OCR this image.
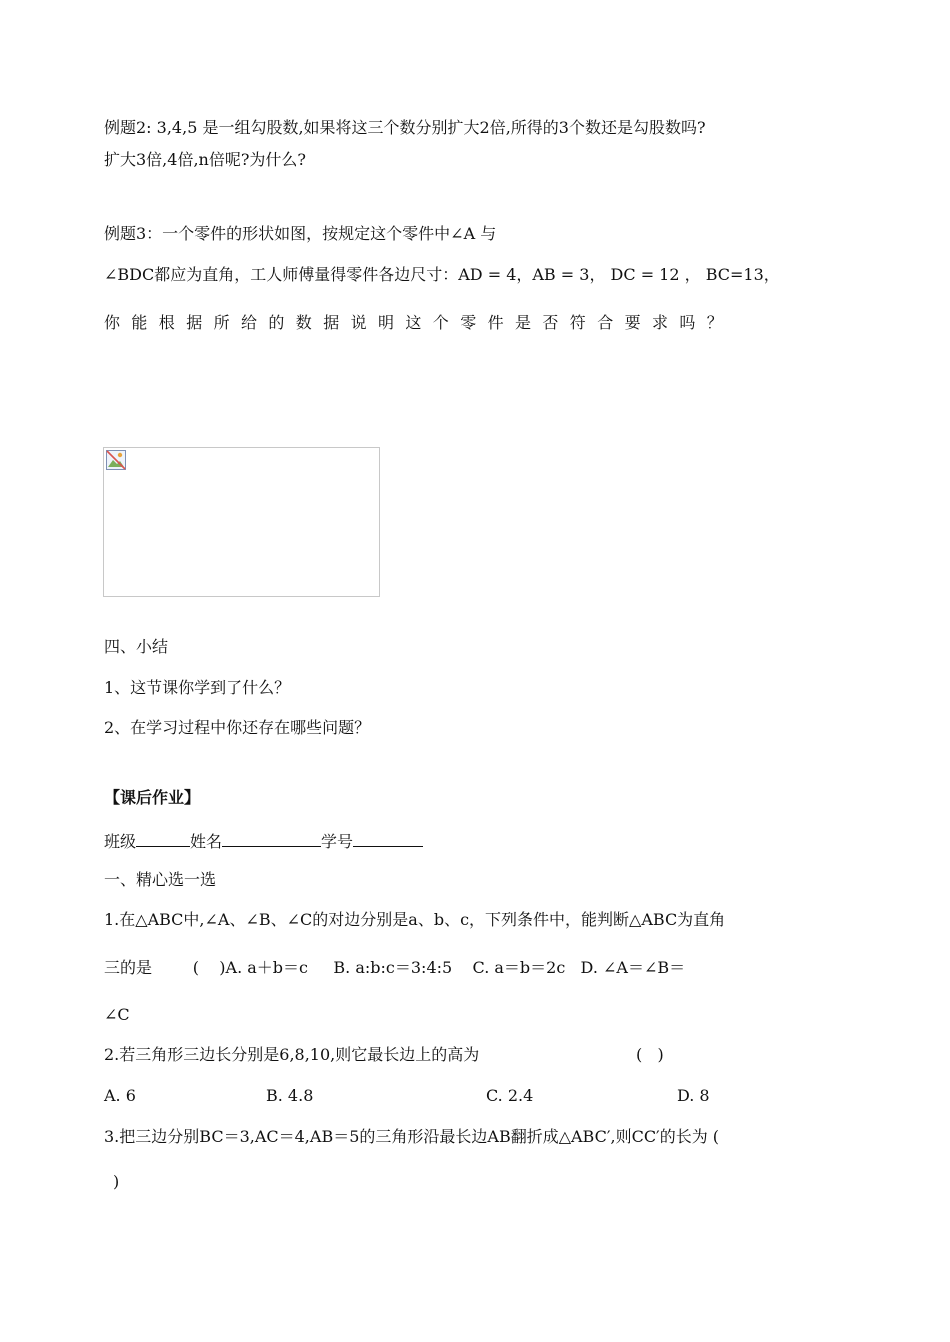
例题2: 3,4,5 是一组勾股数,如果将这三个数分别扩大2倍,所得的3个数还是勾股数吗?
扩大3倍,4倍,n倍呢?为什么?
例题3：一个零件的形状如图，按规定这个零件中∠A 与
∠BDC都应为直角，工人师傅量得零件各边尺寸：AD = 4，AB = 3， DC = 12 ， BC=13，
你能根据所给的数据说明这个零件是否符合要求吗？
四、小结
1、这节课你学到了什么？
2、在学习过程中你还存在哪些问题？
【课后作业】
班级	姓名	学号
一、精心选一选
1.在△ABC中,∠A、∠B、∠C的对边分别是a、b、c，下列条件中，能判断△ABC为直角
三的是        (    )A. a＋b＝c     B. a:b:c＝3:4:5    C. a＝b＝2c   D. ∠A＝∠B＝
∠C
2.若三角形三边长分别是6,8,10,则它最长边上的高为	(   )
A. 6	B. 4.8	C. 2.4	D. 8
3.把三边分别BC＝3,AC＝4,AB＝5的三角形沿最长边AB翻折成△ABC′,则CC′的长为 (
)
